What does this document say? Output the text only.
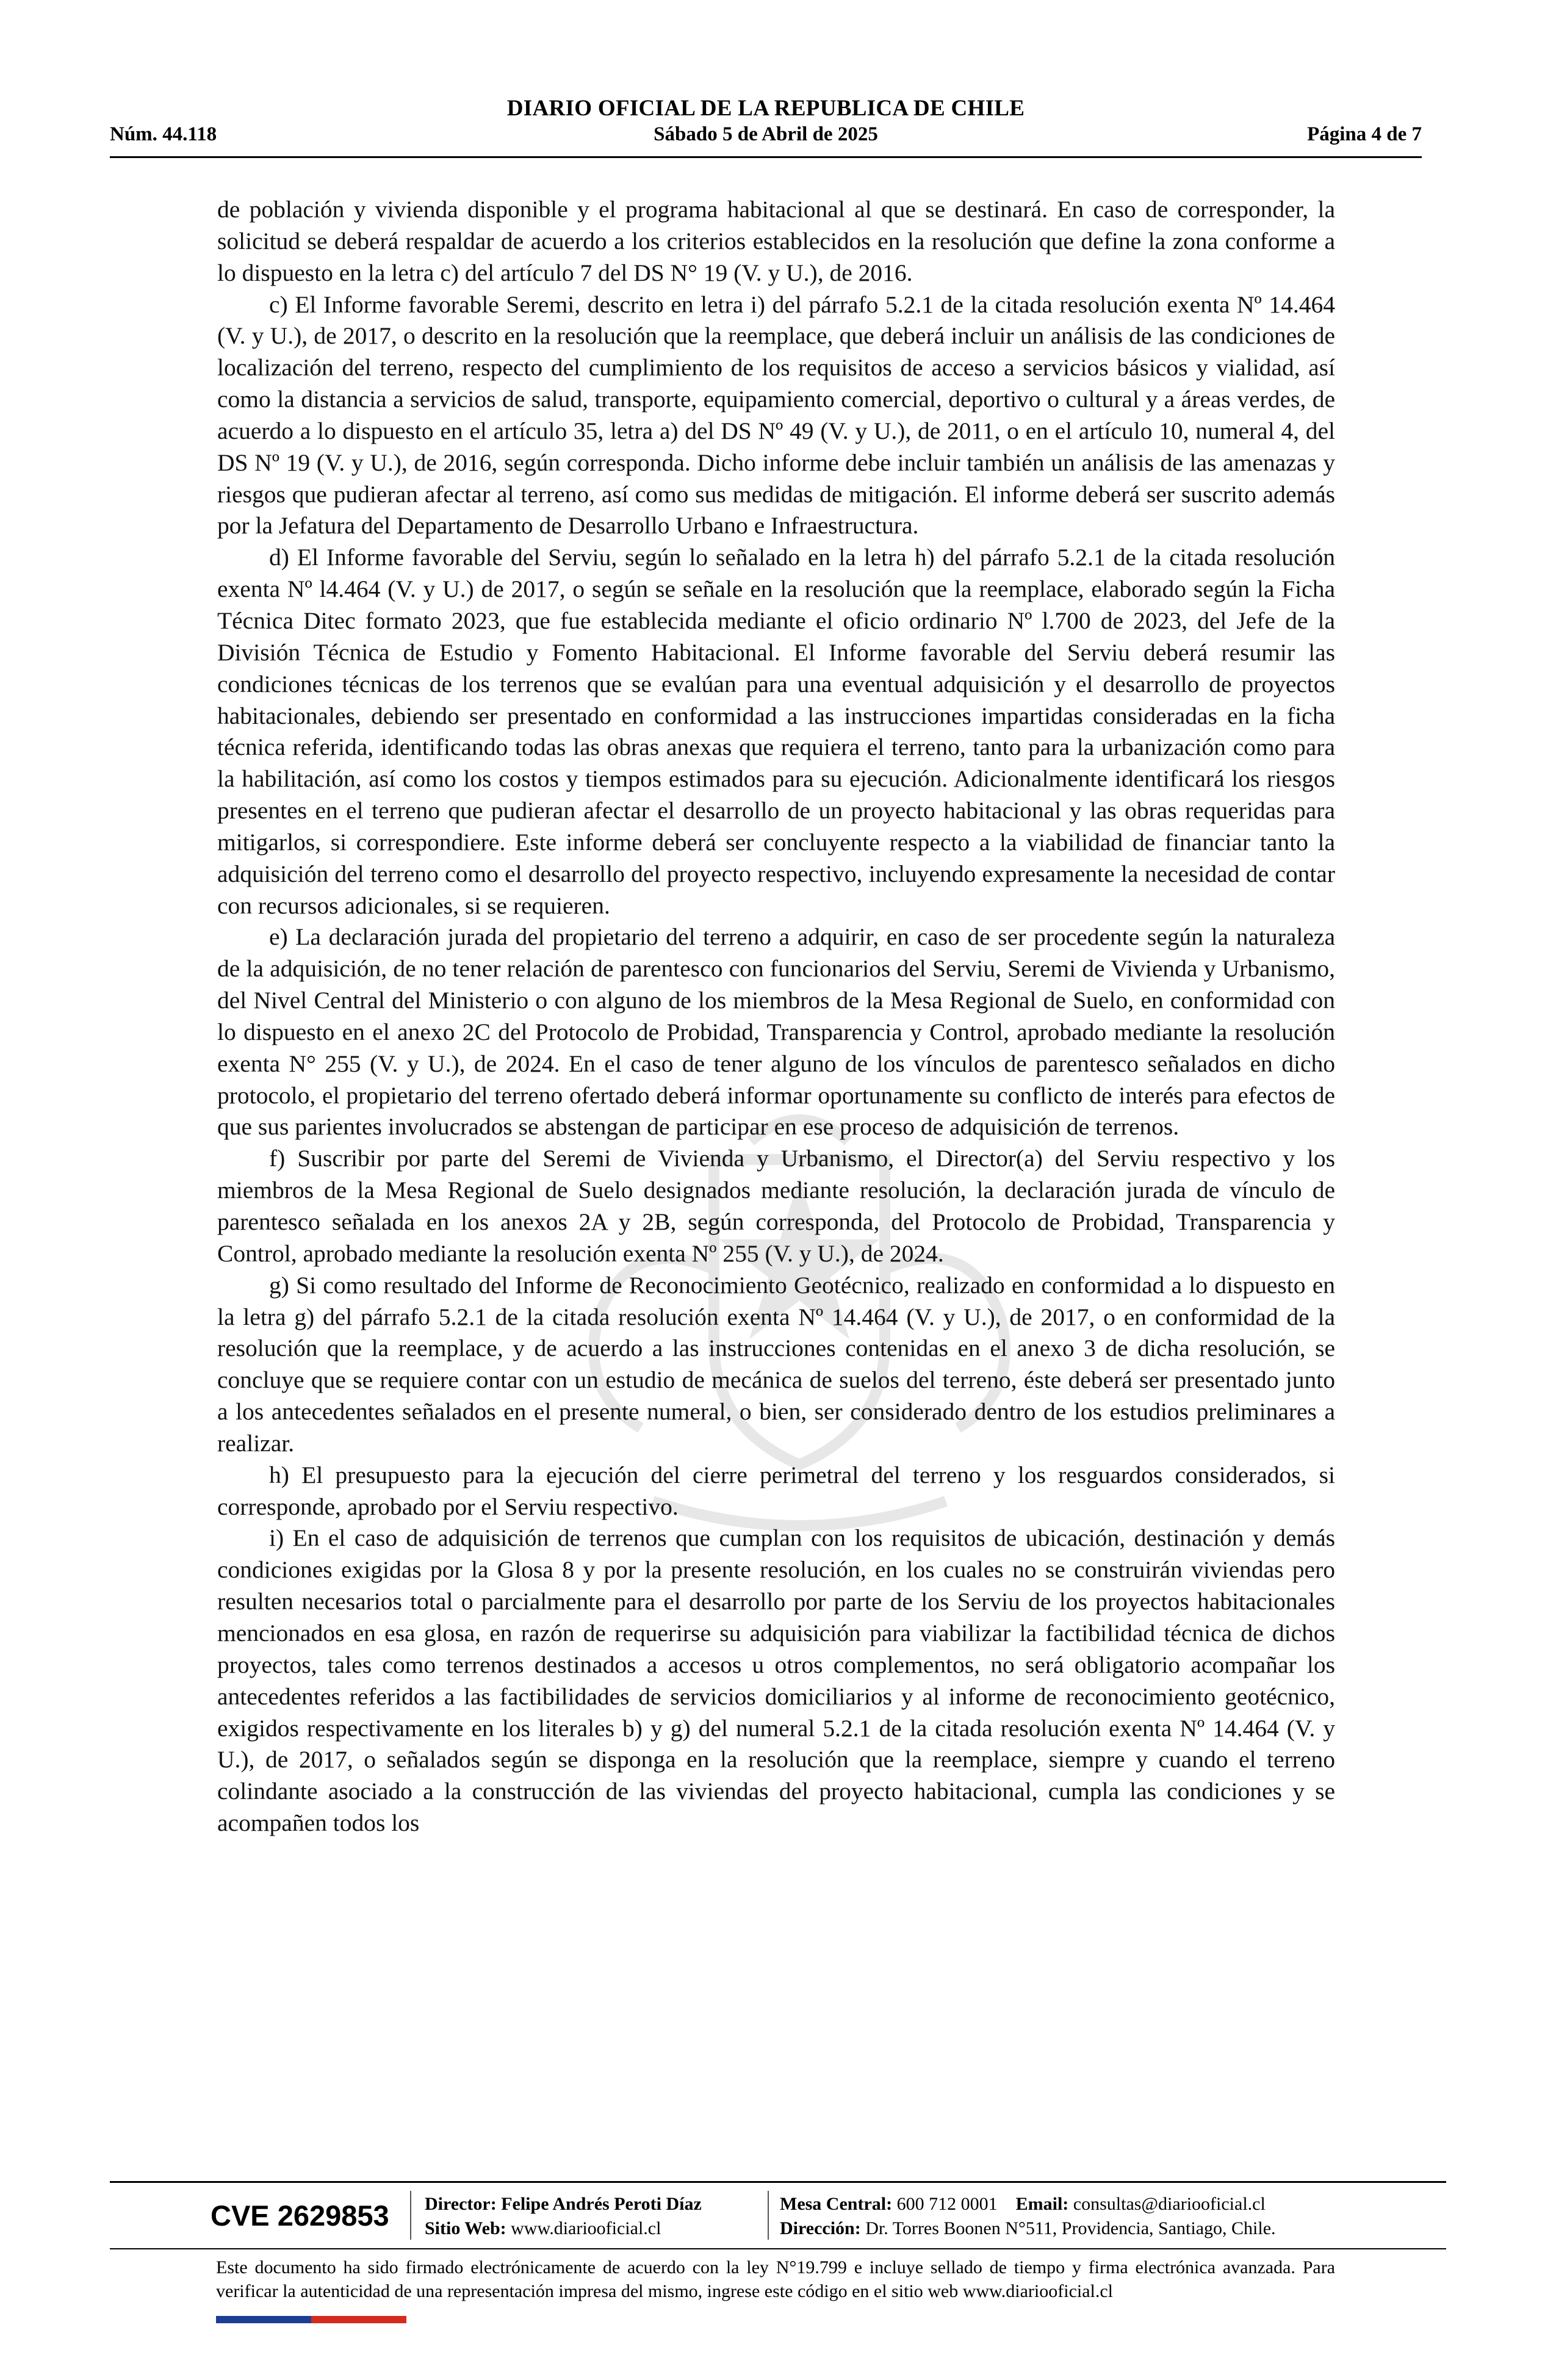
DIARIO OFICIAL DE LA REPUBLICA DE CHILE
Núm. 44.118	Sábado 5 de Abril de 2025	Página 4 de 7

de población y vivienda disponible y el programa habitacional al que se destinará. En caso de corresponder, la solicitud se deberá respaldar de acuerdo a los criterios establecidos en la resolución que define la zona conforme a lo dispuesto en la letra c) del artículo 7 del DS N° 19 (V. y U.), de 2016.

c) El Informe favorable Seremi, descrito en letra i) del párrafo 5.2.1 de la citada resolución exenta Nº 14.464 (V. y U.), de 2017, o descrito en la resolución que la reemplace, que deberá incluir un análisis de las condiciones de localización del terreno, respecto del cumplimiento de los requisitos de acceso a servicios básicos y vialidad, así como la distancia a servicios de salud, transporte, equipamiento comercial, deportivo o cultural y a áreas verdes, de acuerdo a lo dispuesto en el artículo 35, letra a) del DS Nº 49 (V. y U.), de 2011, o en el artículo 10, numeral 4, del DS Nº 19 (V. y U.), de 2016, según corresponda. Dicho informe debe incluir también un análisis de las amenazas y riesgos que pudieran afectar al terreno, así como sus medidas de mitigación. El informe deberá ser suscrito además por la Jefatura del Departamento de Desarrollo Urbano e Infraestructura.

d) El Informe favorable del Serviu, según lo señalado en la letra h) del párrafo 5.2.1 de la citada resolución exenta Nº l4.464 (V. y U.) de 2017, o según se señale en la resolución que la reemplace, elaborado según la Ficha Técnica Ditec formato 2023, que fue establecida mediante el oficio ordinario Nº l.700 de 2023, del Jefe de la División Técnica de Estudio y Fomento Habitacional. El Informe favorable del Serviu deberá resumir las condiciones técnicas de los terrenos que se evalúan para una eventual adquisición y el desarrollo de proyectos habitacionales, debiendo ser presentado en conformidad a las instrucciones impartidas consideradas en la ficha técnica referida, identificando todas las obras anexas que requiera el terreno, tanto para la urbanización como para la habilitación, así como los costos y tiempos estimados para su ejecución. Adicionalmente identificará los riesgos presentes en el terreno que pudieran afectar el desarrollo de un proyecto habitacional y las obras requeridas para mitigarlos, si correspondiere. Este informe deberá ser concluyente respecto a la viabilidad de financiar tanto la adquisición del terreno como el desarrollo del proyecto respectivo, incluyendo expresamente la necesidad de contar con recursos adicionales, si se requieren.

e) La declaración jurada del propietario del terreno a adquirir, en caso de ser procedente según la naturaleza de la adquisición, de no tener relación de parentesco con funcionarios del Serviu, Seremi de Vivienda y Urbanismo, del Nivel Central del Ministerio o con alguno de los miembros de la Mesa Regional de Suelo, en conformidad con lo dispuesto en el anexo 2C del Protocolo de Probidad, Transparencia y Control, aprobado mediante la resolución exenta N° 255 (V. y U.), de 2024. En el caso de tener alguno de los vínculos de parentesco señalados en dicho protocolo, el propietario del terreno ofertado deberá informar oportunamente su conflicto de interés para efectos de que sus parientes involucrados se abstengan de participar en ese proceso de adquisición de terrenos.

f) Suscribir por parte del Seremi de Vivienda y Urbanismo, el Director(a) del Serviu respectivo y los miembros de la Mesa Regional de Suelo designados mediante resolución, la declaración jurada de vínculo de parentesco señalada en los anexos 2A y 2B, según corresponda, del Protocolo de Probidad, Transparencia y Control, aprobado mediante la resolución exenta Nº 255 (V. y U.), de 2024.

g) Si como resultado del Informe de Reconocimiento Geotécnico, realizado en conformidad a lo dispuesto en la letra g) del párrafo 5.2.1 de la citada resolución exenta Nº 14.464 (V. y U.), de 2017, o en conformidad de la resolución que la reemplace, y de acuerdo a las instrucciones contenidas en el anexo 3 de dicha resolución, se concluye que se requiere contar con un estudio de mecánica de suelos del terreno, éste deberá ser presentado junto a los antecedentes señalados en el presente numeral, o bien, ser considerado dentro de los estudios preliminares a realizar.

h) El presupuesto para la ejecución del cierre perimetral del terreno y los resguardos considerados, si corresponde, aprobado por el Serviu respectivo.

i) En el caso de adquisición de terrenos que cumplan con los requisitos de ubicación, destinación y demás condiciones exigidas por la Glosa 8 y por la presente resolución, en los cuales no se construirán viviendas pero resulten necesarios total o parcialmente para el desarrollo por parte de los Serviu de los proyectos habitacionales mencionados en esa glosa, en razón de requerirse su adquisición para viabilizar la factibilidad técnica de dichos proyectos, tales como terrenos destinados a accesos u otros complementos, no será obligatorio acompañar los antecedentes referidos a las factibilidades de servicios domiciliarios y al informe de reconocimiento geotécnico, exigidos respectivamente en los literales b) y g) del numeral 5.2.1 de la citada resolución exenta Nº 14.464 (V. y U.), de 2017, o señalados según se disponga en la resolución que la reemplace, siempre y cuando el terreno colindante asociado a la construcción de las viviendas del proyecto habitacional, cumpla las condiciones y se acompañen todos los

CVE 2629853 Director: Felipe Andrés Peroti Díaz
Sitio Web: www.diariooficial.cl
Mesa Central: 600 712 0001 Email: consultas@diariooficial.cl
Dirección: Dr. Torres Boonen N°511, Providencia, Santiago, Chile.
Este documento ha sido firmado electrónicamente de acuerdo con la ley N°19.799 e incluye sellado de tiempo y firma electrónica avanzada. Para verificar la autenticidad de una representación impresa del mismo, ingrese este código en el sitio web www.diariooficial.cl
